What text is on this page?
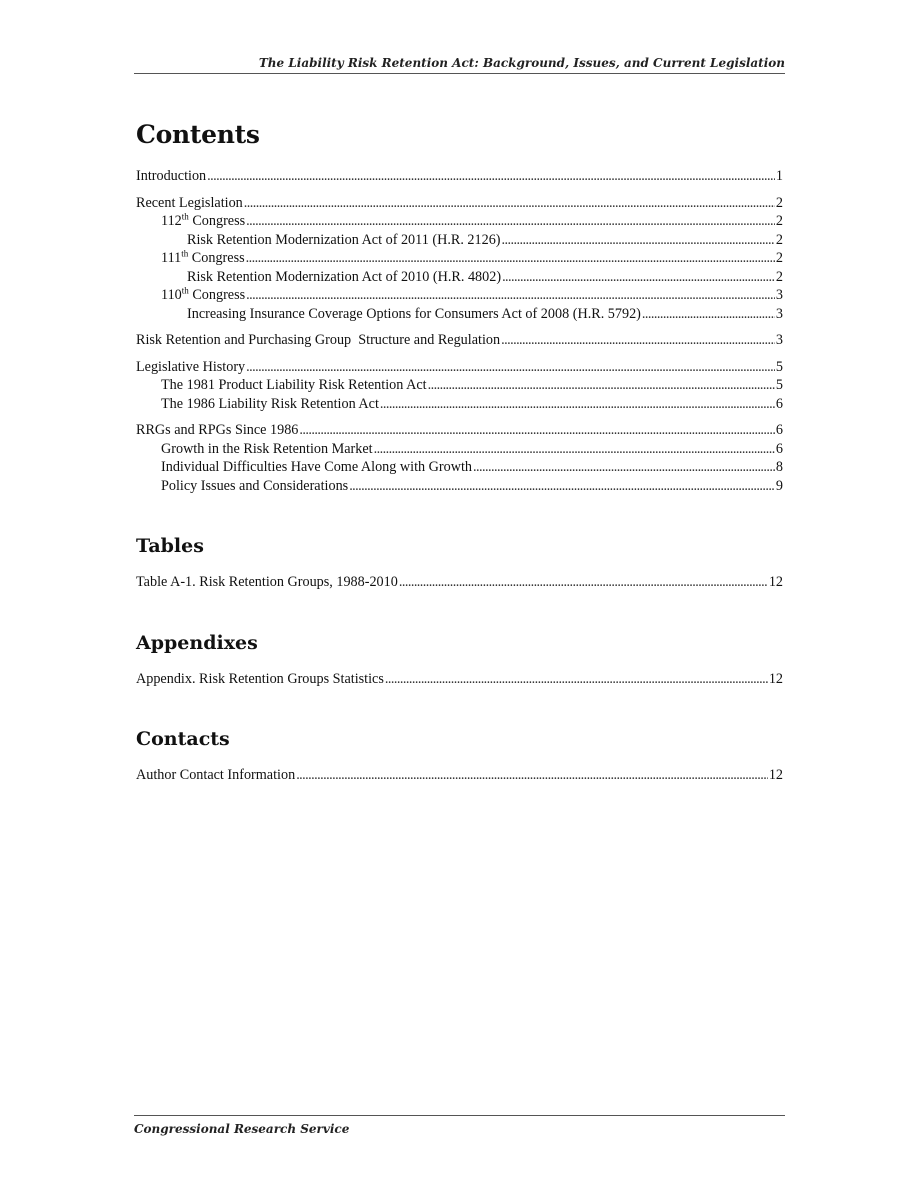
The Liability Risk Retention Act: Background, Issues, and Current Legislation
Contents
Introduction . . .	1
Recent Legislation . . .	2
112th Congress . . .	2
Risk Retention Modernization Act of 2011 (H.R. 2126) . . .	2
111th Congress . . .	2
Risk Retention Modernization Act of 2010 (H.R. 4802) . . .	2
110th Congress . . .	3
Increasing Insurance Coverage Options for Consumers Act of 2008 (H.R. 5792) . . .	3
Risk Retention and Purchasing Group  Structure and Regulation . . .	3
Legislative History . . .	5
The 1981 Product Liability Risk Retention Act . . .	5
The 1986 Liability Risk Retention Act . . .	6
RRGs and RPGs Since 1986 . . .	6
Growth in the Risk Retention Market . . .	6
Individual Difficulties Have Come Along with Growth . . .	8
Policy Issues and Considerations . . .	9
Tables
Table A-1. Risk Retention Groups, 1988-2010 . . .	12
Appendixes
Appendix. Risk Retention Groups Statistics . . .	12
Contacts
Author Contact Information . . .	12
Congressional Research Service
